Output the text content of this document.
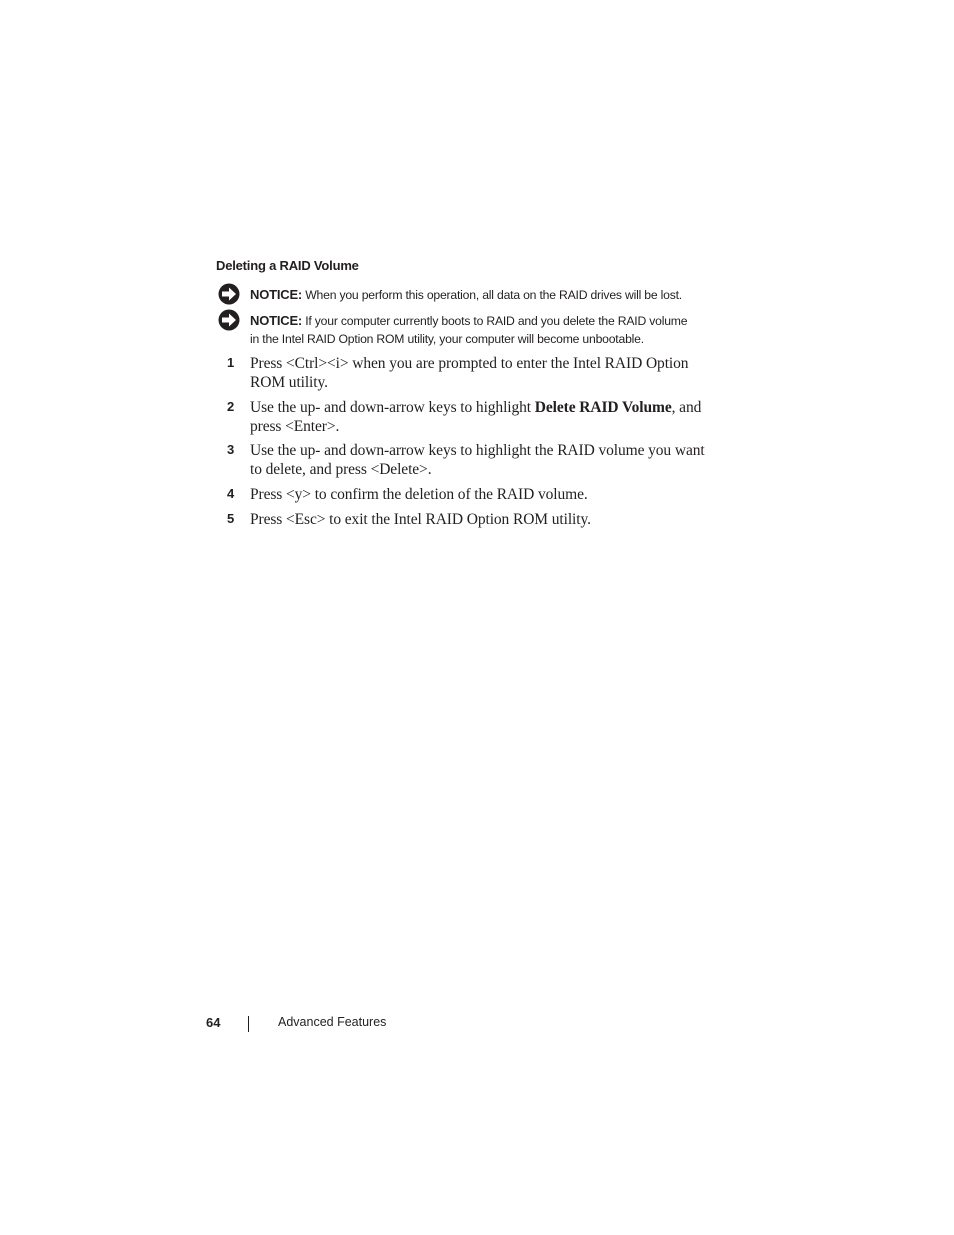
Deleting a RAID Volume
NOTICE: When you perform this operation, all data on the RAID drives will be lost.
NOTICE: If your computer currently boots to RAID and you delete the RAID volume
in the Intel RAID Option ROM utility, your computer will become unbootable.
1 Press <Ctrl><i> when you are prompted to enter the Intel RAID Option
ROM utility.
2 Use the up- and down-arrow keys to highlight Delete RAID Volume, and
press <Enter>.
3 Use the up- and down-arrow keys to highlight the RAID volume you want
to delete, and press <Delete>.
4 Press <y> to confirm the deletion of the RAID volume.
5 Press <Esc> to exit the Intel RAID Option ROM utility.
64	Advanced Features
